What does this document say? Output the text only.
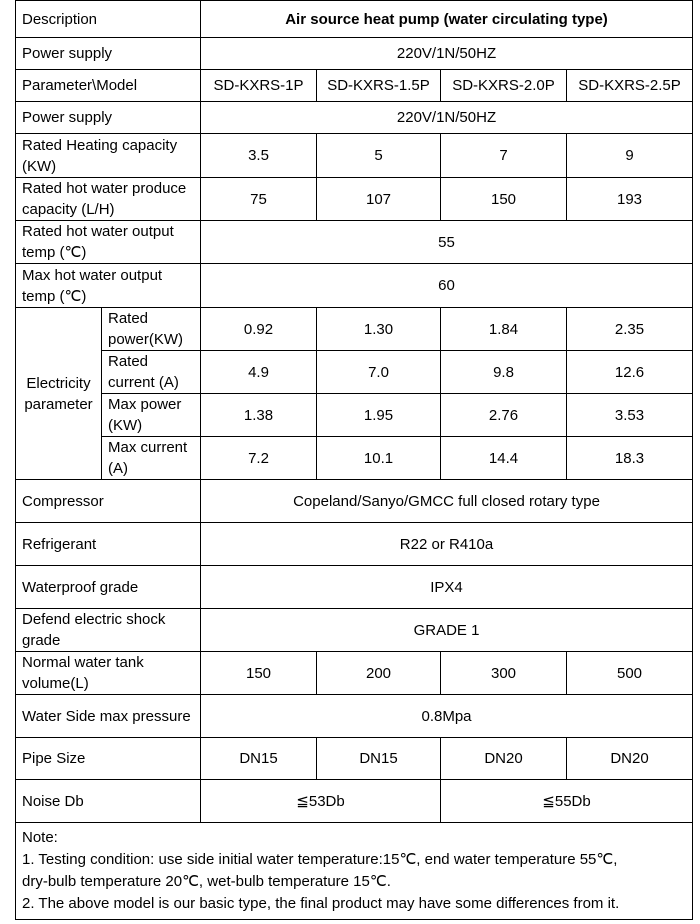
Description		Air source heat pump (water circulating type)			
Power supply		220V/1N/50HZ			
Parameter\Model		SD-KXRS-1P	SD-KXRS-1.5P	SD-KXRS-2.0P	SD-KXRS-2.5P
Power supply		220V/1N/50HZ			
Rated Heating capacity (KW)		3.5	5	7	9
Rated hot water produce capacity (L/H)		75	107	150	193
Rated hot water output temp (℃)		55			
Max hot water output temp (℃)		60			
Electricity parameter	Rated power(KW)	0.92	1.30	1.84	2.35
	Rated current (A)	4.9	7.0	9.8	12.6
	Max power (KW)	1.38	1.95	2.76	3.53
	Max current (A)	7.2	10.1	14.4	18.3
Compressor		Copeland/Sanyo/GMCC full closed rotary type			
Refrigerant		R22 or R410a			
Waterproof grade		IPX4			
Defend electric shock grade		GRADE 1			
Normal water tank volume(L)		150	200	300	500
Water Side max pressure		0.8Mpa			
Pipe Size		DN15	DN15	DN20	DN20
Noise Db		≦53Db		≦55Db	

Note:
1. Testing condition: use side initial water temperature:15℃, end water temperature 55℃,
dry-bulb temperature 20℃, wet-bulb temperature 15℃.
2. The above model is our basic type, the final product may have some differences from it.					
